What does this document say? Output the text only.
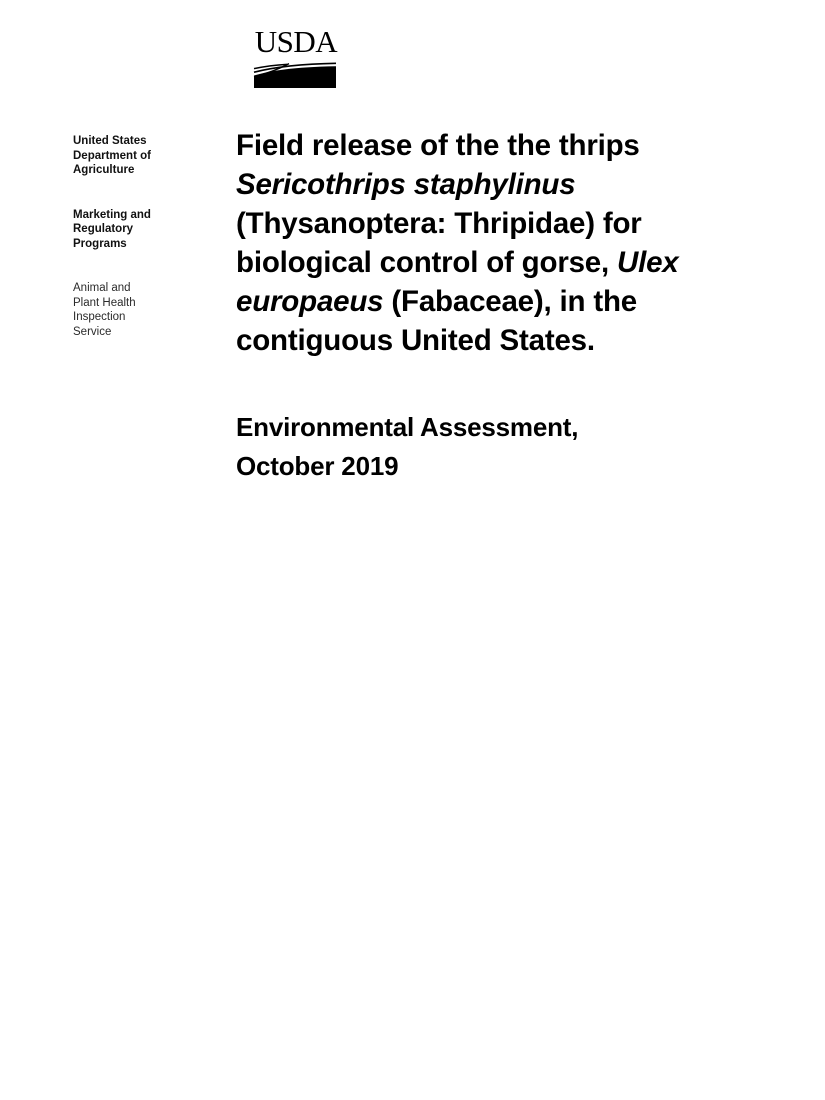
USDA
United States
Department of
Agriculture
Marketing and
Regulatory
Programs
Animal and
Plant Health
Inspection
Service
Field release of the the thrips Sericothrips staphylinus (Thysanoptera: Thripidae) for biological control of gorse, Ulex europaeus (Fabaceae), in the contiguous United States.
Environmental Assessment,
October 2019
